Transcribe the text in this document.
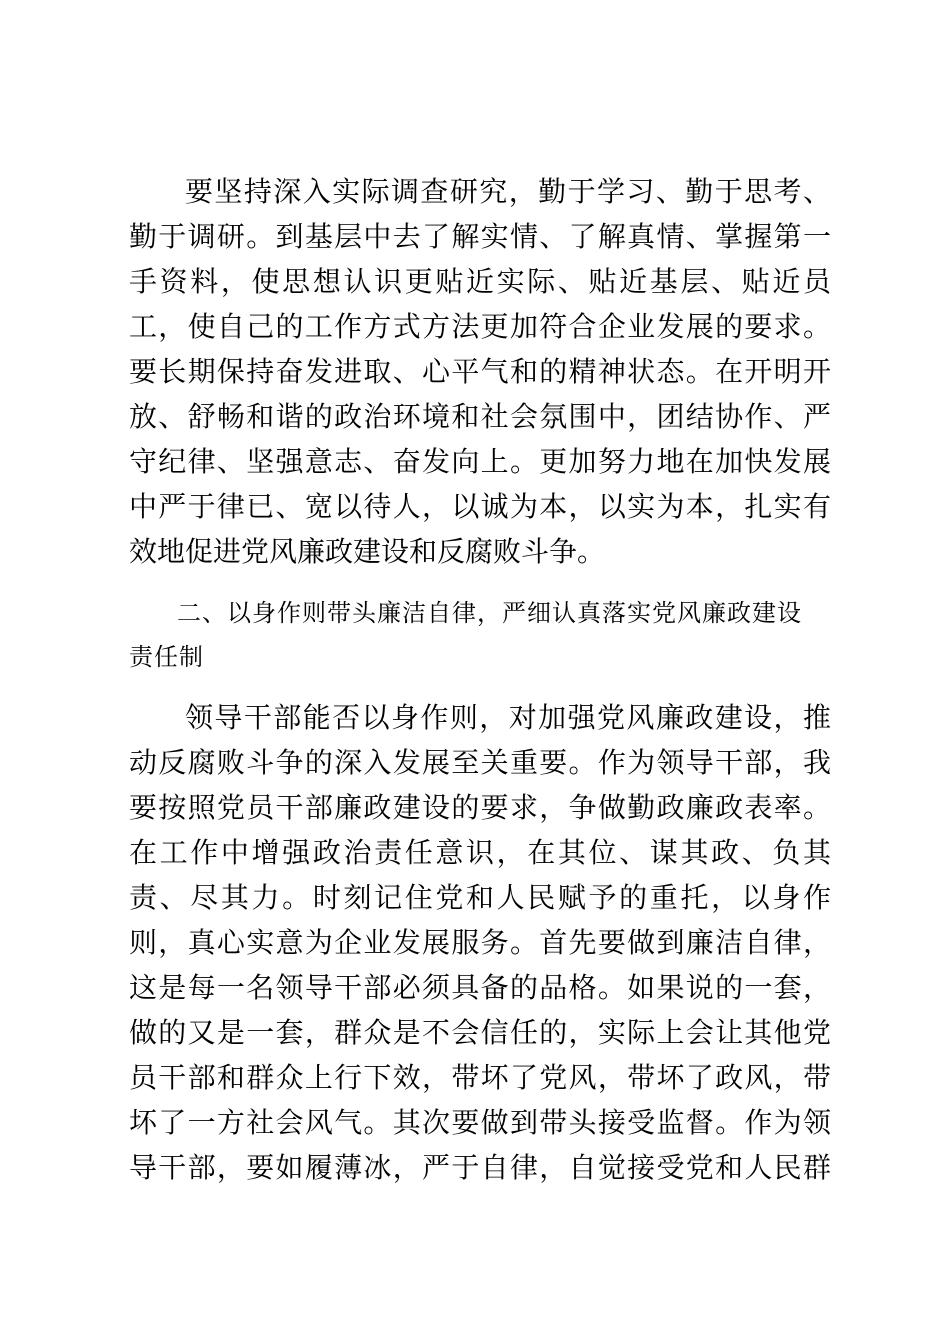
要坚持深入实际调查研究，勤于学习、勤于思考、
勤于调研。到基层中去了解实情、了解真情、掌握第一
手资料，使思想认识更贴近实际、贴近基层、贴近员
工，使自己的工作方式方法更加符合企业发展的要求。
要长期保持奋发进取、心平气和的精神状态。在开明开
放、舒畅和谐的政治环境和社会氛围中，团结协作、严
守纪律、坚强意志、奋发向上。更加努力地在加快发展
中严于律已、宽以待人，以诚为本，以实为本，扎实有
效地促进党风廉政建设和反腐败斗争。
二、以身作则带头廉洁自律，严细认真落实党风廉政建设
责任制
领导干部能否以身作则，对加强党风廉政建设，推
动反腐败斗争的深入发展至关重要。作为领导干部，我
要按照党员干部廉政建设的要求，争做勤政廉政表率。
在工作中增强政治责任意识，在其位、谋其政、负其
责、尽其力。时刻记住党和人民赋予的重托，以身作
则，真心实意为企业发展服务。首先要做到廉洁自律，
这是每一名领导干部必须具备的品格。如果说的一套，
做的又是一套，群众是不会信任的，实际上会让其他党
员干部和群众上行下效，带坏了党风，带坏了政风，带
坏了一方社会风气。其次要做到带头接受监督。作为领
导干部，要如履薄冰，严于自律，自觉接受党和人民群
